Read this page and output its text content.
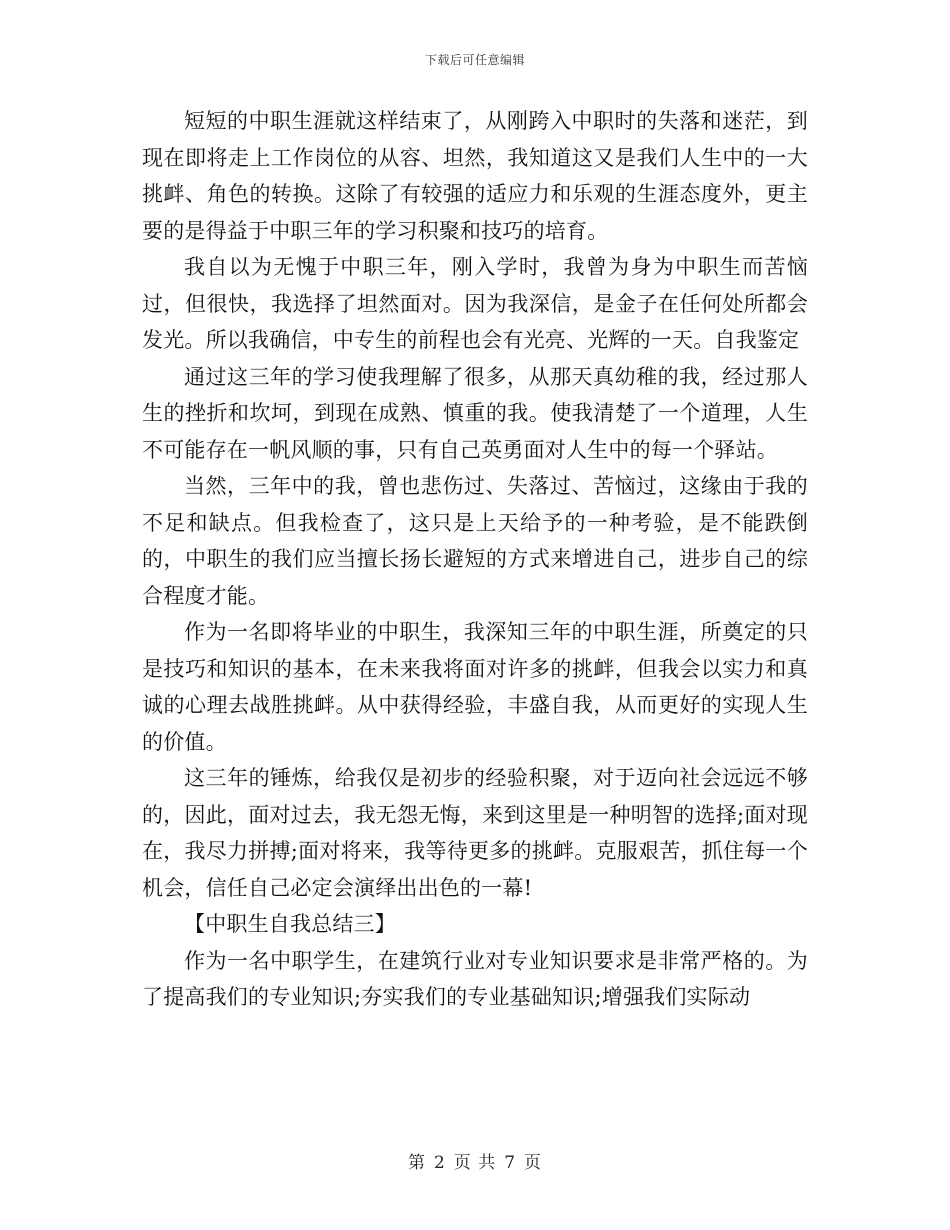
下载后可任意编辑

短短的中职生涯就这样结束了，从刚跨入中职时的失落和迷茫，到现在即将走上工作岗位的从容、坦然，我知道这又是我们人生中的一大挑衅、角色的转换。这除了有较强的适应力和乐观的生涯态度外，更主要的是得益于中职三年的学习积聚和技巧的培育。

我自以为无愧于中职三年，刚入学时，我曾为身为中职生而苦恼过，但很快，我选择了坦然面对。因为我深信，是金子在任何处所都会发光。所以我确信，中专生的前程也会有光亮、光辉的一天。自我鉴定

通过这三年的学习使我理解了很多，从那天真幼稚的我，经过那人生的挫折和坎坷，到现在成熟、慎重的我。使我清楚了一个道理，人生不可能存在一帆风顺的事，只有自己英勇面对人生中的每一个驿站。

当然，三年中的我，曾也悲伤过、失落过、苦恼过，这缘由于我的不足和缺点。但我检查了，这只是上天给予的一种考验，是不能跌倒的，中职生的我们应当擅长扬长避短的方式来增进自己，进步自己的综合程度才能。

作为一名即将毕业的中职生，我深知三年的中职生涯，所奠定的只是技巧和知识的基本，在未来我将面对许多的挑衅，但我会以实力和真诚的心理去战胜挑衅。从中获得经验，丰盛自我，从而更好的实现人生的价值。

这三年的锤炼，给我仅是初步的经验积聚，对于迈向社会远远不够的，因此，面对过去，我无怨无悔，来到这里是一种明智的选择;面对现在，我尽力拼搏;面对将来，我等待更多的挑衅。克服艰苦，抓住每一个机会，信任自己必定会演绎出出色的一幕!

【中职生自我总结三】

作为一名中职学生，在建筑行业对专业知识要求是非常严格的。为了提高我们的专业知识;夯实我们的专业基础知识;增强我们实际动

第 2 页 共 7 页
